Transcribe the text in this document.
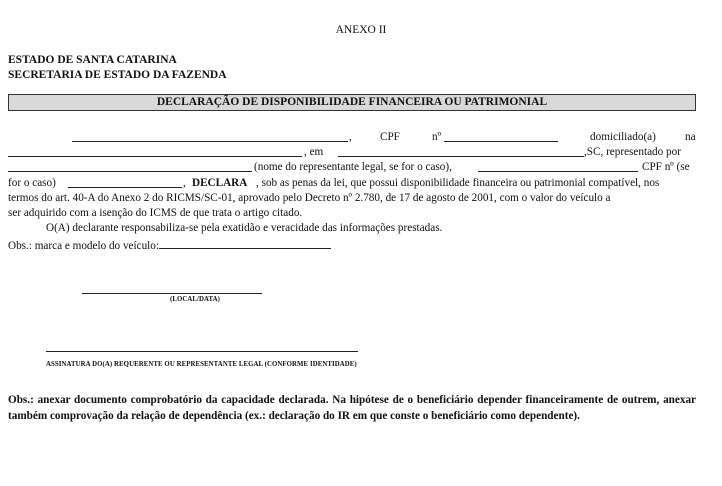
ANEXO II
ESTADO DE SANTA CATARINA
SECRETARIA DE ESTADO DA FAZENDA
DECLARAÇÃO DE DISPONIBILIDADE FINANCEIRA OU PATRIMONIAL
,	CPF	nº	domiciliado(a)	na
, em	,SC, representado por
(nome do representante legal, se for o caso),	CPF nº (se
for o caso)	, DECLARA , sob as penas da lei, que possui disponibilidade financeira ou patrimonial compatível, nos
termos do art. 40-A do Anexo 2 do RICMS/SC-01, aprovado pelo Decreto nº 2.780, de 17 de agosto de 2001, com o valor do veículo a
ser adquirido com a isenção do ICMS de que trata o artigo citado.
O(A) declarante responsabiliza-se pela exatidão e veracidade das informações prestadas.
Obs.: marca e modelo do veículo:
(LOCAL/DATA)
ASSINATURA DO(A) REQUERENTE OU REPRESENTANTE LEGAL (CONFORME IDENTIDADE)
Obs.: anexar documento comprobatório da capacidade declarada. Na hipótese de o beneficiário depender financeiramente de outrem, anexar também comprovação da relação de dependência (ex.: declaração do IR em que conste o beneficiário como dependente).
